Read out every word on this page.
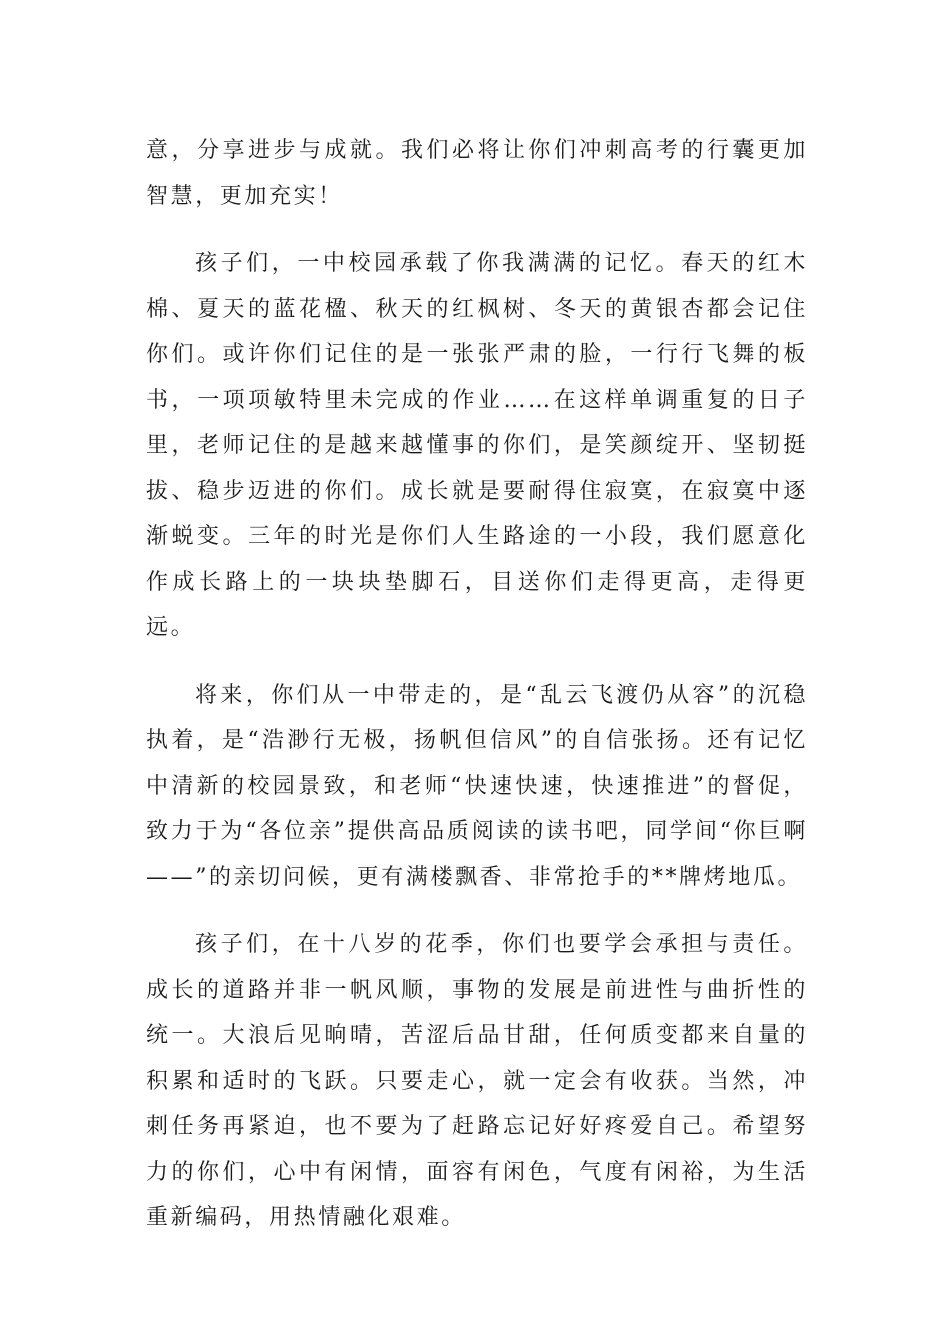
意，分享进步与成就。我们必将让你们冲刺高考的行囊更加智慧，更加充实！

孩子们，一中校园承载了你我满满的记忆。春天的红木棉、夏天的蓝花楹、秋天的红枫树、冬天的黄银杏都会记住你们。或许你们记住的是一张张严肃的脸，一行行飞舞的板书，一项项敏特里未完成的作业……在这样单调重复的日子里，老师记住的是越来越懂事的你们，是笑颜绽开、坚韧挺拔、稳步迈进的你们。成长就是要耐得住寂寞，在寂寞中逐渐蜕变。三年的时光是你们人生路途的一小段，我们愿意化作成长路上的一块块垫脚石，目送你们走得更高，走得更远。

将来，你们从一中带走的，是“乱云飞渡仍从容”的沉稳执着，是“浩渺行无极，扬帆但信风”的自信张扬。还有记忆中清新的校园景致，和老师“快速快速，快速推进”的督促，致力于为“各位亲”提供高品质阅读的读书吧，同学间“你巨啊——”的亲切问候，更有满楼飘香、非常抢手的**牌烤地瓜。

孩子们，在十八岁的花季，你们也要学会承担与责任。成长的道路并非一帆风顺，事物的发展是前进性与曲折性的统一。大浪后见晌晴，苦涩后品甘甜，任何质变都来自量的积累和适时的飞跃。只要走心，就一定会有收获。当然，冲刺任务再紧迫，也不要为了赶路忘记好好疼爱自己。希望努力的你们，心中有闲情，面容有闲色，气度有闲裕，为生活重新编码，用热情融化艰难。
